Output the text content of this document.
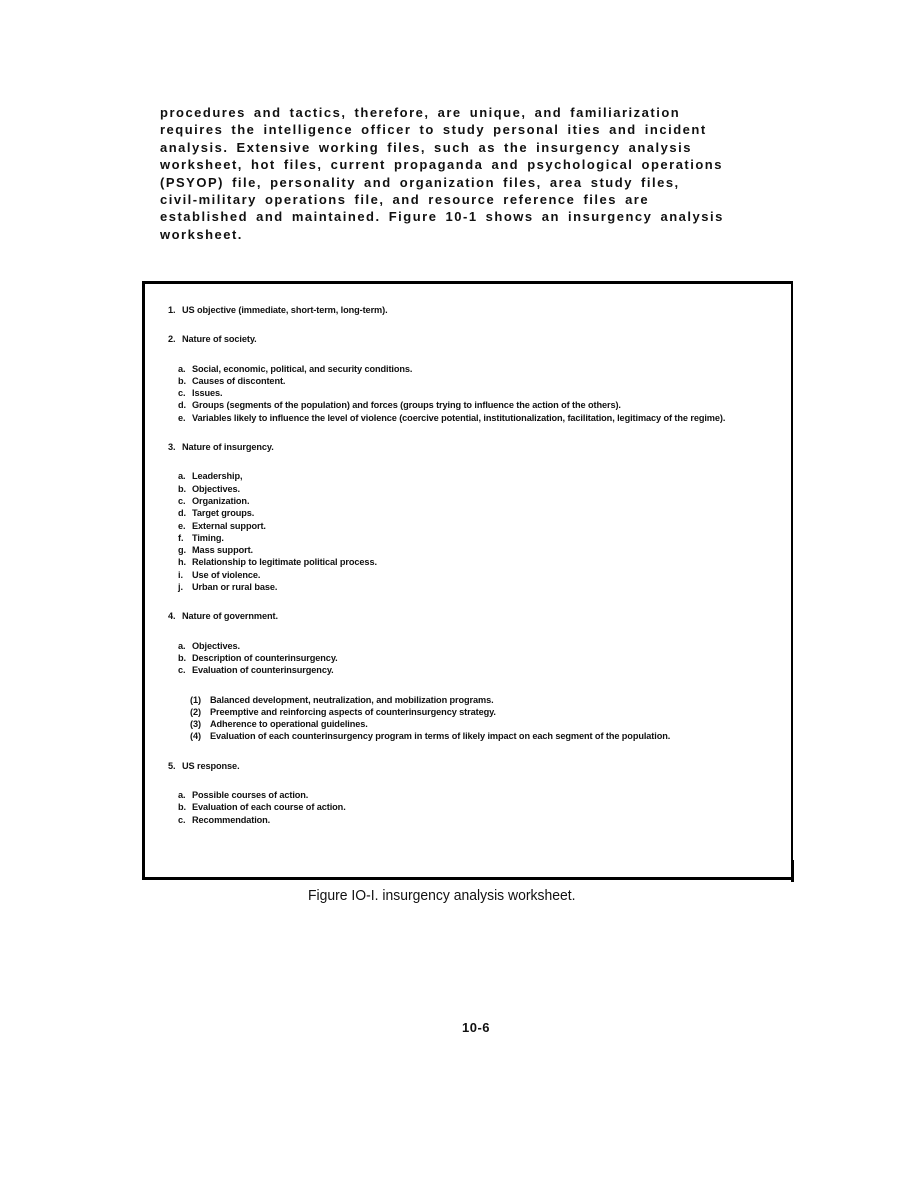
procedures and tactics, therefore, are unique, and familiarization

requires the intelligence officer to study personal ities and incident

analysis. Extensive working files, such as the insurgency analysis

worksheet, hot files, current propaganda and psychological operations

(PSYOP) file, personality and organization files, area study files,

civil-military operations file, and resource reference files are

established and maintained. Figure 10-1 shows an insurgency analysis

worksheet.

1. US objective (immediate, short-term, long-term).
2. Nature of society.
a. Social, economic, political, and security conditions.
b. Causes of discontent.
c. Issues.
d. Groups (segments of the population) and forces (groups trying to influence the action of the others).
e. Variables likely to influence the level of violence (coercive potential, institutionalization, facilitation, legitimacy of the regime).
3. Nature of insurgency.
a. Leadership,
b. Objectives.
c. Organization.
d. Target groups.
e. External support.
f. Timing.
g. Mass support.
h. Relationship to legitimate political process.
i. Use of violence.
j. Urban or rural base.
4. Nature of government.
a. Objectives.
b. Description of counterinsurgency.
c. Evaluation of counterinsurgency.
(1) Balanced development, neutralization, and mobilization programs.
(2) Preemptive and reinforcing aspects of counterinsurgency strategy.
(3) Adherence to operational guidelines.
(4) Evaluation of each counterinsurgency program in terms of likely impact on each segment of the population.
5. US response.
a. Possible courses of action.
b. Evaluation of each course of action.
c. Recommendation.
Figure IO-I. insurgency analysis worksheet.
10-6
